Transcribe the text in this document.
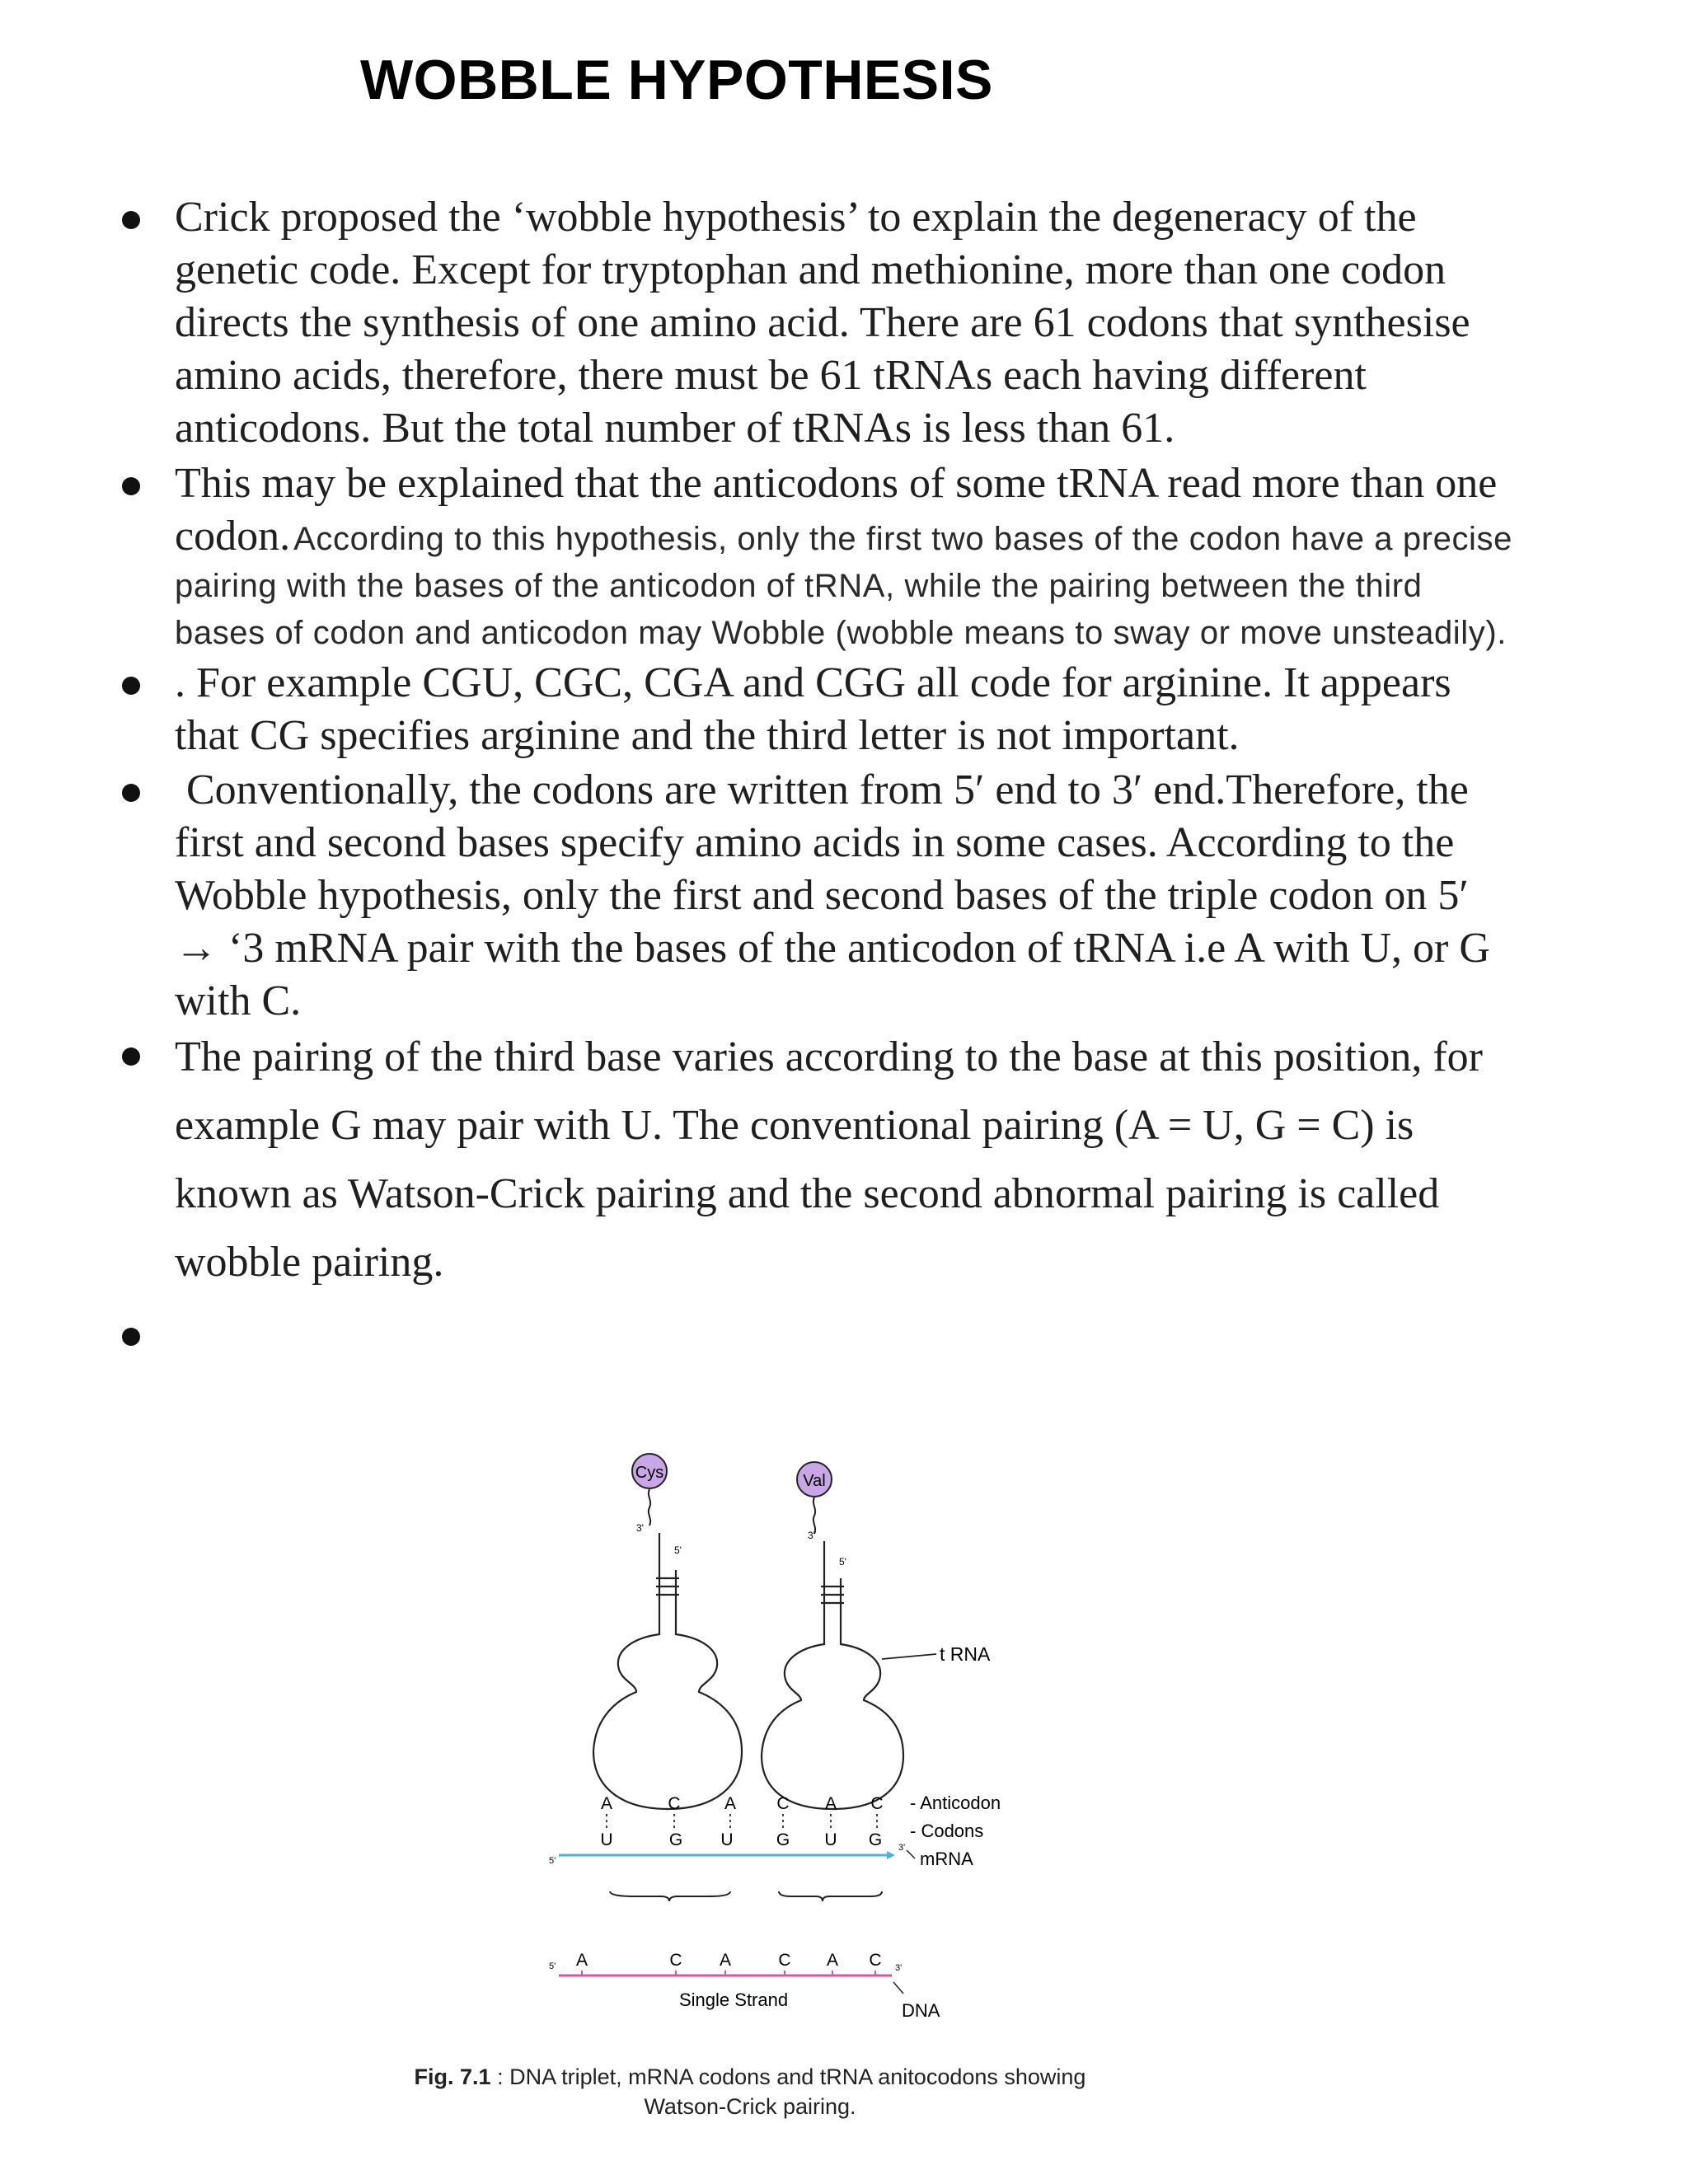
WOBBLE HYPOTHESIS

Crick proposed the ‘wobble hypothesis’ to explain the degeneracy of the genetic code. Except for tryptophan and methionine, more than one codon directs the synthesis of one amino acid. There are 61 codons that synthesise amino acids, therefore, there must be 61 tRNAs each having different anticodons. But the total number of tRNAs is less than 61.

This may be explained that the anticodons of some tRNA read more than one codon. According to this hypothesis, only the first two bases of the codon have a precise pairing with the bases of the anticodon of tRNA, while the pairing between the third bases of codon and anticodon may Wobble (wobble means to sway or move unsteadily).

. For example CGU, CGC, CGA and CGG all code for arginine. It appears that CG specifies arginine and the third letter is not important.

Conventionally, the codons are written from 5′ end to 3′ end.Therefore, the first and second bases specify amino acids in some cases. According to the Wobble hypothesis, only the first and second bases of the triple codon on 5′ → ‘3 mRNA pair with the bases of the anticodon of tRNA i.e A with U, or G with C.

The pairing of the third base varies according to the base at this position, for example G may pair with U. The conventional pairing (A = U, G = C) is known as Watson-Crick pairing and the second abnormal pairing is called wobble pairing.

Cys
3'
5'
Val
3'
5'
t RNA
A	C	A C A C - Anticodon
U	G U G U G - Codons
5'
3'
mRNA
A	C A	C A C
5'	3'
Single Strand
DNA
Fig. 7.1 : DNA triplet, mRNA codons and tRNA anitocodons showing
Watson-Crick pairing.
